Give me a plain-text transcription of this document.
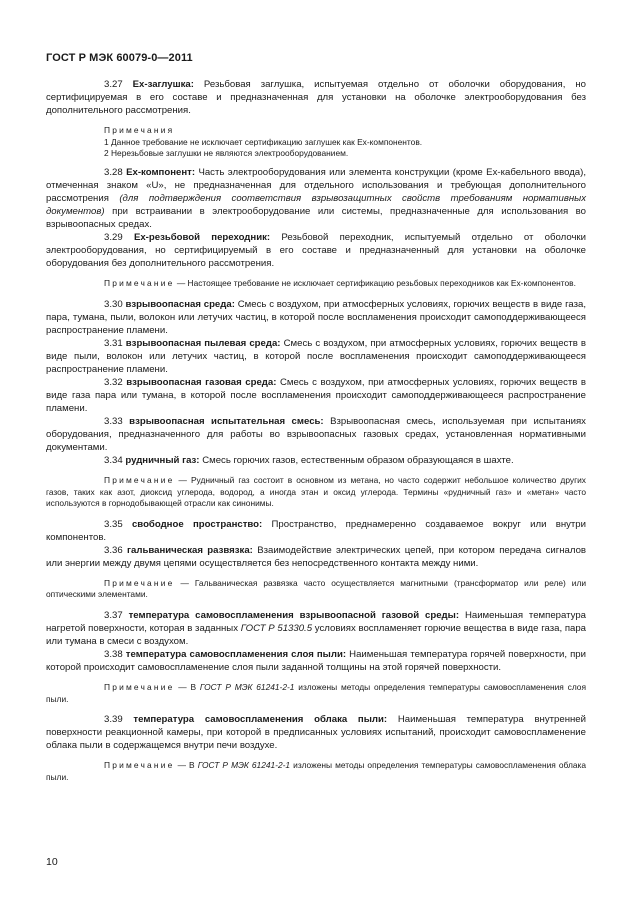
ГОСТ Р МЭК 60079-0—2011

3.27 Ex-заглушка: Резьбовая заглушка, испытуемая отдельно от оболочки оборудования, но сертифицируемая в его составе и предназначенная для установки на оболочке электрооборудования без дополнительного рассмотрения.

Примечания

1 Данное требование не исключает сертификацию заглушек как Ex-компонентов.

2 Нерезьбовые заглушки не являются электрооборудованием.

3.28 Ex-компонент: Часть электрооборудования или элемента конструкции (кроме Ex-кабельного ввода), отмеченная знаком «U», не предназначенная для отдельного использования и требующая дополнительного рассмотрения (для подтверждения соответствия взрывозащитных свойств требованиям нормативных документов) при встраивании в электрооборудование или системы, предназначенные для использования во взрывоопасных средах.

3.29 Ex-резьбовой переходник: Резьбовой переходник, испытуемый отдельно от оболочки электрооборудования, но сертифицируемый в его составе и предназначенный для установки на оболочке оборудования без дополнительного рассмотрения.

Примечание — Настоящее требование не исключает сертификацию резьбовых переходников как Ex-компонентов.

3.30 взрывоопасная среда: Смесь с воздухом, при атмосферных условиях, горючих веществ в виде газа, пара, тумана, пыли, волокон или летучих частиц, в которой после воспламенения происходит самоподдерживающееся распространение пламени.

3.31 взрывоопасная пылевая среда: Смесь с воздухом, при атмосферных условиях, горючих веществ в виде пыли, волокон или летучих частиц, в которой после воспламенения происходит самоподдерживающееся распространение пламени.

3.32 взрывоопасная газовая среда: Смесь с воздухом, при атмосферных условиях, горючих веществ в виде газа пара или тумана, в которой после воспламенения происходит самоподдерживающееся распространение пламени.

3.33 взрывоопасная испытательная смесь: Взрывоопасная смесь, используемая при испытаниях оборудования, предназначенного для работы во взрывоопасных газовых средах, установленная нормативными документами.

3.34 рудничный газ: Смесь горючих газов, естественным образом образующаяся в шахте.

Примечание — Рудничный газ состоит в основном из метана, но часто содержит небольшое количество других газов, таких как азот, диоксид углерода, водород, а иногда этан и оксид углерода. Термины «рудничный газ» и «метан» часто используются в горнодобывающей отрасли как синонимы.

3.35 свободное пространство: Пространство, преднамеренно создаваемое вокруг или внутри компонентов.

3.36 гальваническая развязка: Взаимодействие электрических цепей, при котором передача сигналов или энергии между двумя цепями осуществляется без непосредственного контакта между ними.

Примечание — Гальваническая развязка часто осуществляется магнитными (трансформатор или реле) или оптическими элементами.

3.37 температура самовоспламенения взрывоопасной газовой среды: Наименьшая температура нагретой поверхности, которая в заданных ГОСТ Р 51330.5 условиях воспламеняет горючие вещества в виде газа, пара или тумана в смеси с воздухом.

3.38 температура самовоспламенения слоя пыли: Наименьшая температура горячей поверхности, при которой происходит самовоспламенение слоя пыли заданной толщины на этой горячей поверхности.

Примечание — В ГОСТ Р МЭК 61241-2-1 изложены методы определения температуры самовоспламенения слоя пыли.

3.39 температура самовоспламенения облака пыли: Наименьшая температура внутренней поверхности реакционной камеры, при которой в предписанных условиях испытаний, происходит самовоспламенение облака пыли в содержащемся внутри печи воздухе.

Примечание — В ГОСТ Р МЭК 61241-2-1 изложены методы определения температуры самовоспламенения облака пыли.

10
